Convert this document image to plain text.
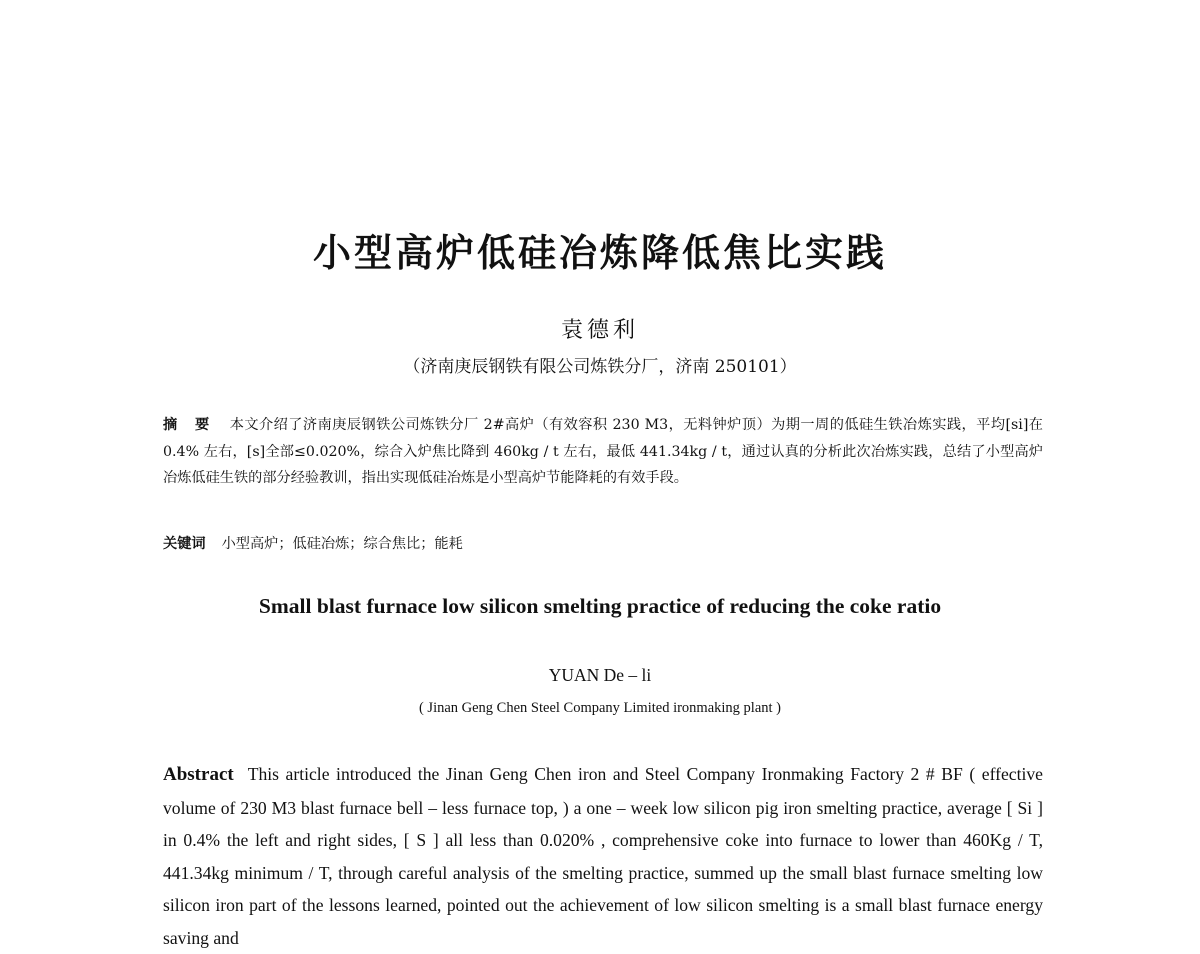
小型高炉低硅冶炼降低焦比实践
袁德利
（济南庚辰钢铁有限公司炼铁分厂，济南 250101）
摘 要 本文介绍了济南庚辰钢铁公司炼铁分厂 2#高炉（有效容积 230 M3，无料钟炉顶）为期一周的低硅生铁冶炼实践，平均[si]在 0.4% 左右，[s]全部≤0.020%，综合入炉焦比降到 460kg / t 左右，最低 441.34kg / t，通过认真的分析此次冶炼实践，总结了小型高炉冶炼低硅生铁的部分经验教训，指出实现低硅冶炼是小型高炉节能降耗的有效手段。
关键词 小型高炉；低硅冶炼；综合焦比；能耗
Small blast furnace low silicon smelting practice of reducing the coke ratio
YUAN De – li
( Jinan Geng Chen Steel Company Limited ironmaking plant )
Abstract This article introduced the Jinan Geng Chen iron and Steel Company Ironmaking Factory 2 # BF ( effective volume of 230 M3 blast furnace bell – less furnace top, ) a one – week low silicon pig iron smelting practice, average [ Si ] in 0.4% the left and right sides, [ S ] all less than 0.020% , comprehensive coke into furnace to lower than 460Kg / T, 441.34kg minimum / T, through careful analysis of the smelting practice, summed up the small blast furnace smelting low silicon iron part of the lessons learned, pointed out the achievement of low silicon smelting is a small blast furnace energy saving and
